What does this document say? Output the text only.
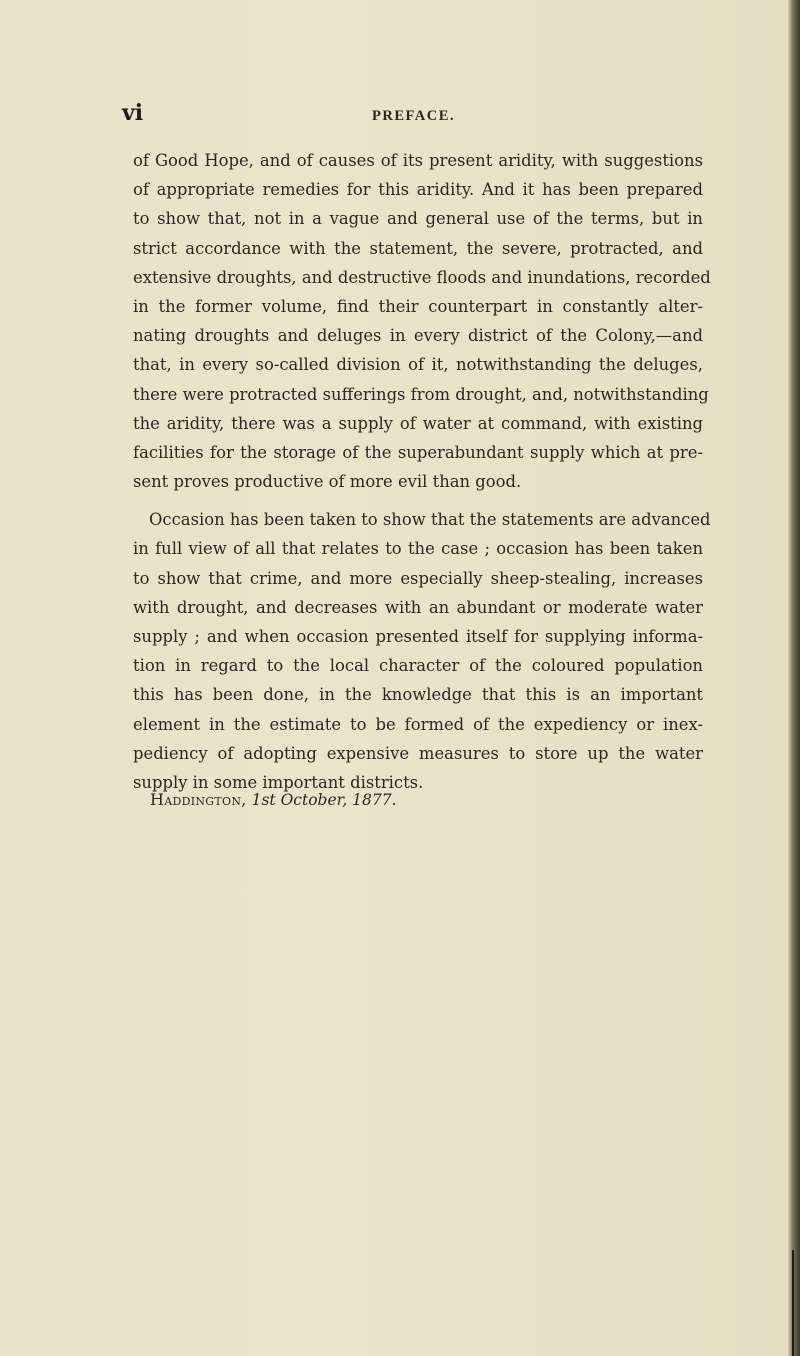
vi	PREFACE.
of Good Hope, and of causes of its present aridity, with suggestions
of appropriate remedies for this aridity. And it has been prepared
to show that, not in a vague and general use of the terms, but in
strict accordance with the statement, the severe, protracted, and
extensive droughts, and destructive floods and inundations, recorded
in the former volume, find their counterpart in constantly alter-
nating droughts and deluges in every district of the Colony,—and
that, in every so-called division of it, notwithstanding the deluges,
there were protracted sufferings from drought, and, notwithstanding
the aridity, there was a supply of water at command, with existing
facilities for the storage of the superabundant supply which at pre-
sent proves productive of more evil than good.
Occasion has been taken to show that the statements are advanced
in full view of all that relates to the case ; occasion has been taken
to show that crime, and more especially sheep-stealing, increases
with drought, and decreases with an abundant or moderate water
supply ; and when occasion presented itself for supplying informa-
tion in regard to the local character of the coloured population
this has been done, in the knowledge that this is an important
element in the estimate to be formed of the expediency or inex-
pediency of adopting expensive measures to store up the water
supply in some important districts.
Haddington, 1st October, 1877.
